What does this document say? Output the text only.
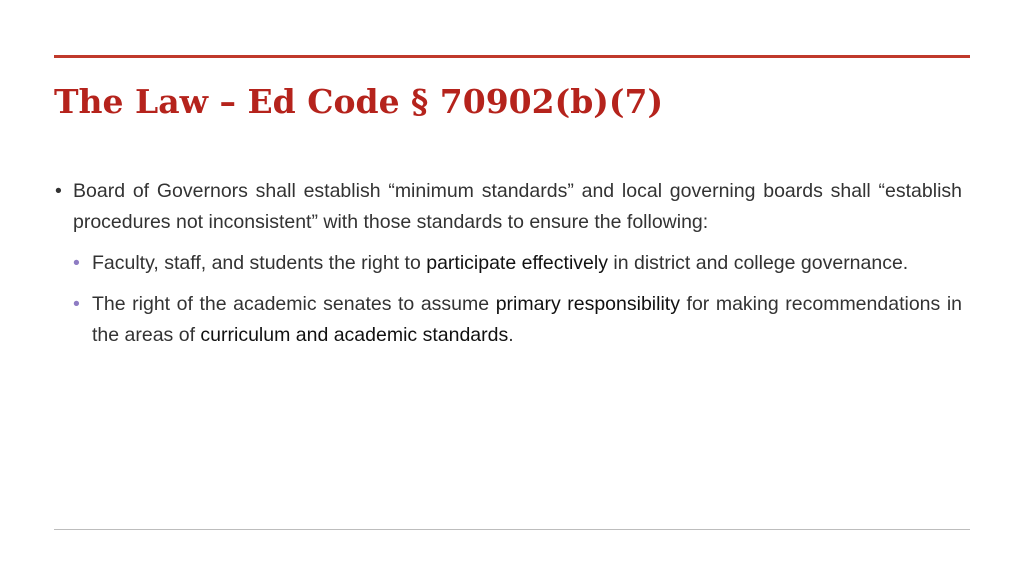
The Law – Ed Code § 70902(b)(7)

• Board of Governors shall establish “minimum standards” and local governing boards shall “establish procedures not inconsistent” with those standards to ensure the following:

• Faculty, staff, and students the right to participate effectively in district and college governance.

• The right of the academic senates to assume primary responsibility for making recommendations in the areas of curriculum and academic standards.
